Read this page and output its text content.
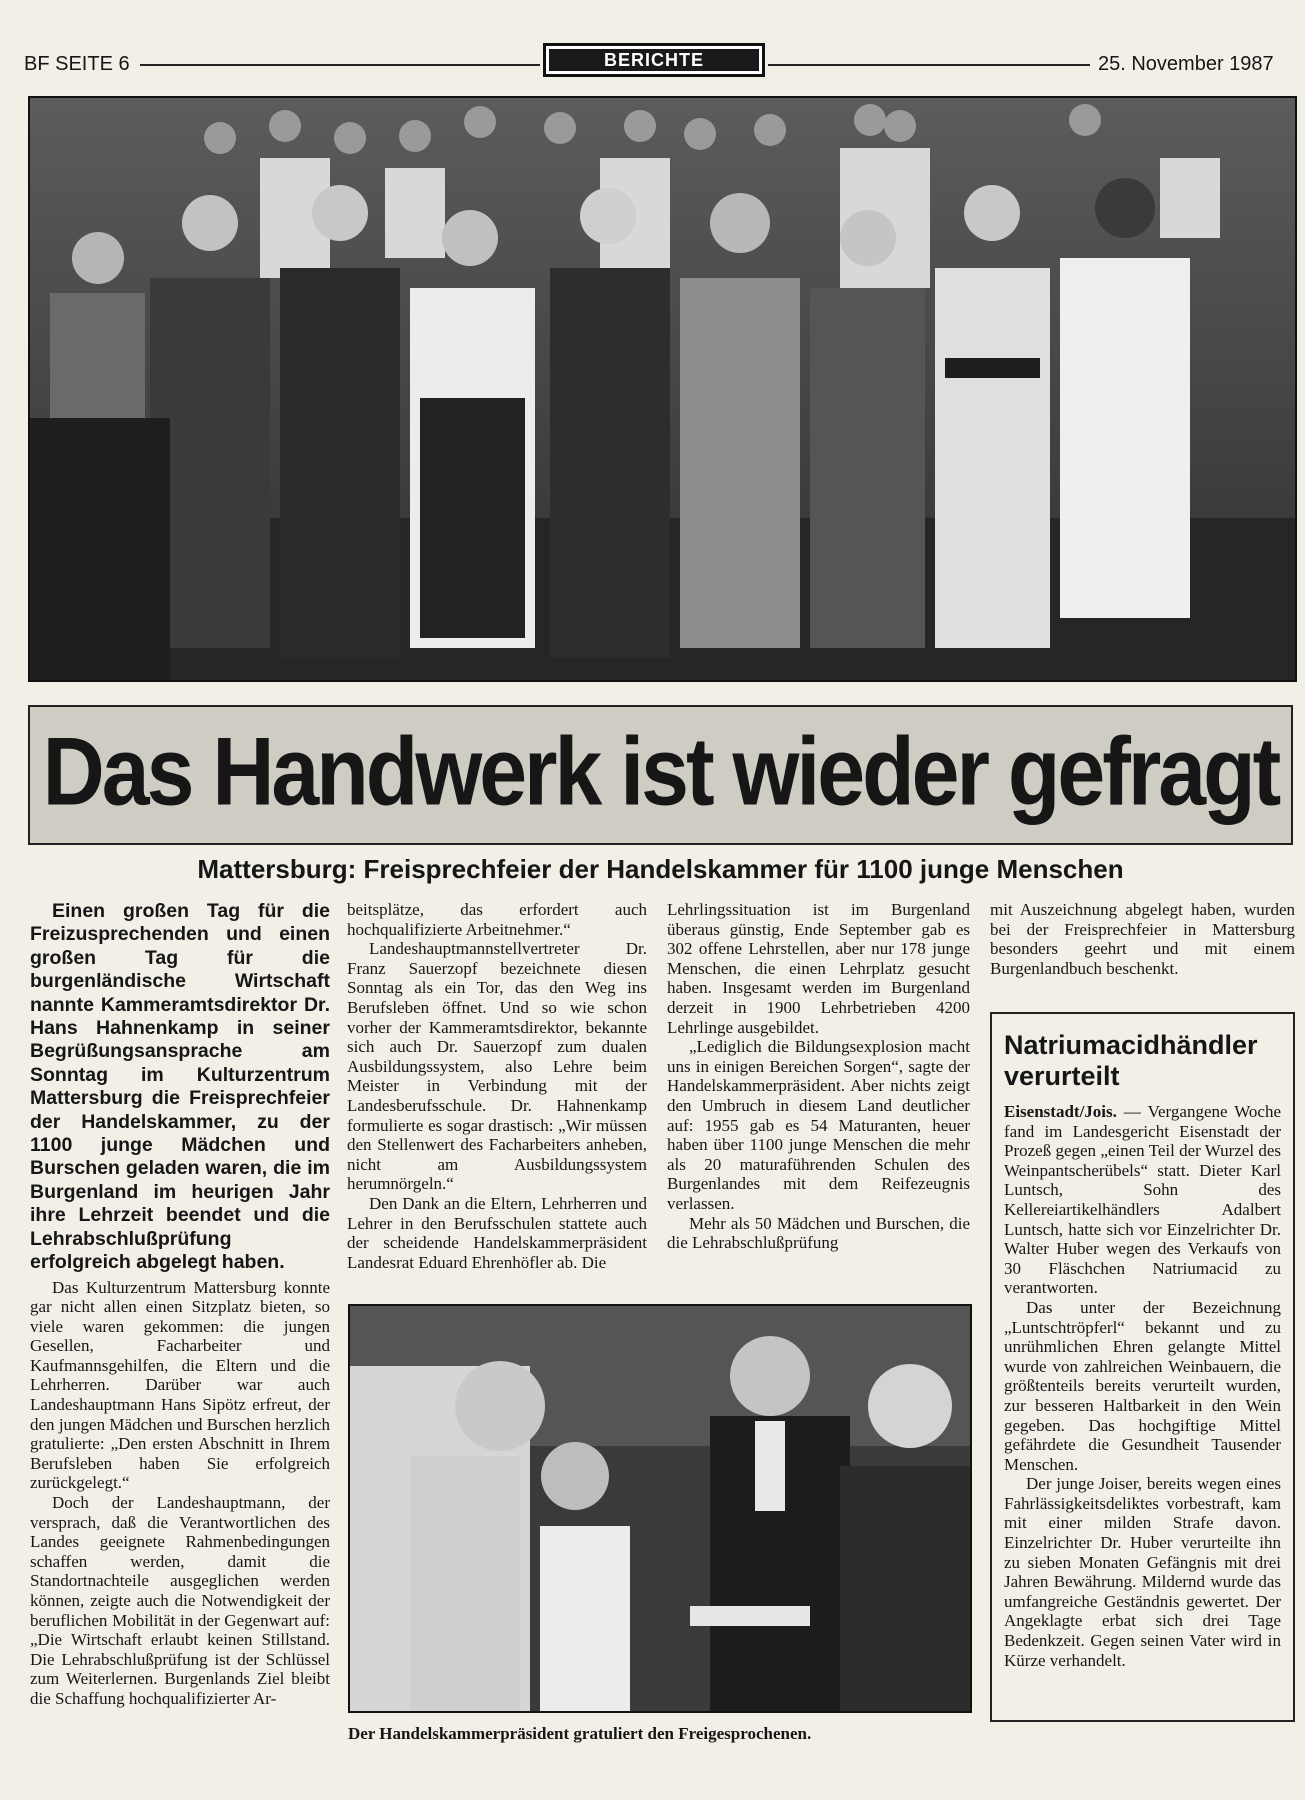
BF SEITE 6	BERICHTE	25. November 1987
Das Handwerk ist wieder gefragt
Mattersburg: Freisprechfeier der Handelskammer für 1100 junge Menschen

Einen großen Tag für die Freizusprechenden und einen großen Tag für die burgenländische Wirtschaft nannte Kammeramtsdirektor Dr. Hans Hahnenkamp in seiner Begrüßungsansprache am Sonntag im Kulturzentrum Mattersburg die Freisprechfeier der Handelskammer, zu der 1100 junge Mädchen und Burschen geladen waren, die im Burgenland im heurigen Jahr ihre Lehrzeit beendet und die Lehrabschlußprüfung erfolgreich abgelegt haben.

Das Kulturzentrum Mattersburg konnte gar nicht allen einen Sitzplatz bieten, so viele waren gekommen: die jungen Gesellen, Facharbeiter und Kaufmannsgehilfen, die Eltern und die Lehrherren. Darüber war auch Landeshauptmann Hans Sipötz erfreut, der den jungen Mädchen und Burschen herzlich gratulierte: „Den ersten Abschnitt in Ihrem Berufsleben haben Sie erfolgreich zurückgelegt.“

Doch der Landeshauptmann, der versprach, daß die Verantwortlichen des Landes geeignete Rahmenbedingungen schaffen werden, damit die Standortnachteile ausgeglichen werden können, zeigte auch die Notwendigkeit der beruflichen Mobilität in der Gegenwart auf: „Die Wirtschaft erlaubt keinen Stillstand. Die Lehrabschlußprüfung ist der Schlüssel zum Weiterlernen. Burgenlands Ziel bleibt die Schaffung hochqualifizierter Ar-

beitsplätze, das erfordert auch hochqualifizierte Arbeitnehmer.“

Landeshauptmannstellvertreter Dr. Franz Sauerzopf bezeichnete diesen Sonntag als ein Tor, das den Weg ins Berufsleben öffnet. Und so wie schon vorher der Kammeramtsdirektor, bekannte sich auch Dr. Sauerzopf zum dualen Ausbildungssystem, also Lehre beim Meister in Verbindung mit der Landesberufsschule. Dr. Hahnenkamp formulierte es sogar drastisch: „Wir müssen den Stellenwert des Facharbeiters anheben, nicht am Ausbildungssystem herumnörgeln.“

Den Dank an die Eltern, Lehrherren und Lehrer in den Berufsschulen stattete auch der scheidende Handelskammerpräsident Landesrat Eduard Ehrenhöfler ab. Die

Lehrlingssituation ist im Burgenland überaus günstig, Ende September gab es 302 offene Lehrstellen, aber nur 178 junge Menschen, die einen Lehrplatz gesucht haben. Insgesamt werden im Burgenland derzeit in 1900 Lehrbetrieben 4200 Lehrlinge ausgebildet.

„Lediglich die Bildungsexplosion macht uns in einigen Bereichen Sorgen“, sagte der Handelskammerpräsident. Aber nichts zeigt den Umbruch in diesem Land deutlicher auf: 1955 gab es 54 Maturanten, heuer haben über 1100 junge Menschen die mehr als 20 maturaführenden Schulen des Burgenlandes mit dem Reifezeugnis verlassen.

Mehr als 50 Mädchen und Burschen, die die Lehrabschlußprüfung

mit Auszeichnung abgelegt haben, wurden bei der Freisprechfeier in Mattersburg besonders geehrt und mit einem Burgenlandbuch beschenkt.

Der Handelskammerpräsident gratuliert den Freigesprochenen.
Natriumacidhändler verurteilt

Eisenstadt/Jois. — Vergangene Woche fand im Landesgericht Eisenstadt der Prozeß gegen „einen Teil der Wurzel des Weinpantscherübels“ statt. Dieter Karl Luntsch, Sohn des Kellereiartikelhändlers Adalbert Luntsch, hatte sich vor Einzelrichter Dr. Walter Huber wegen des Verkaufs von 30 Fläschchen Natriumacid zu verantworten.

Das unter der Bezeichnung „Luntschtröpferl“ bekannt und zu unrühmlichen Ehren gelangte Mittel wurde von zahlreichen Weinbauern, die größtenteils bereits verurteilt wurden, zur besseren Haltbarkeit in den Wein gegeben. Das hochgiftige Mittel gefährdete die Gesundheit Tausender Menschen.

Der junge Joiser, bereits wegen eines Fahrlässigkeitsdeliktes vorbestraft, kam mit einer milden Strafe davon. Einzelrichter Dr. Huber verurteilte ihn zu sieben Monaten Gefängnis mit drei Jahren Bewährung. Mildernd wurde das umfangreiche Geständnis gewertet. Der Angeklagte erbat sich drei Tage Bedenkzeit. Gegen seinen Vater wird in Kürze verhandelt.
